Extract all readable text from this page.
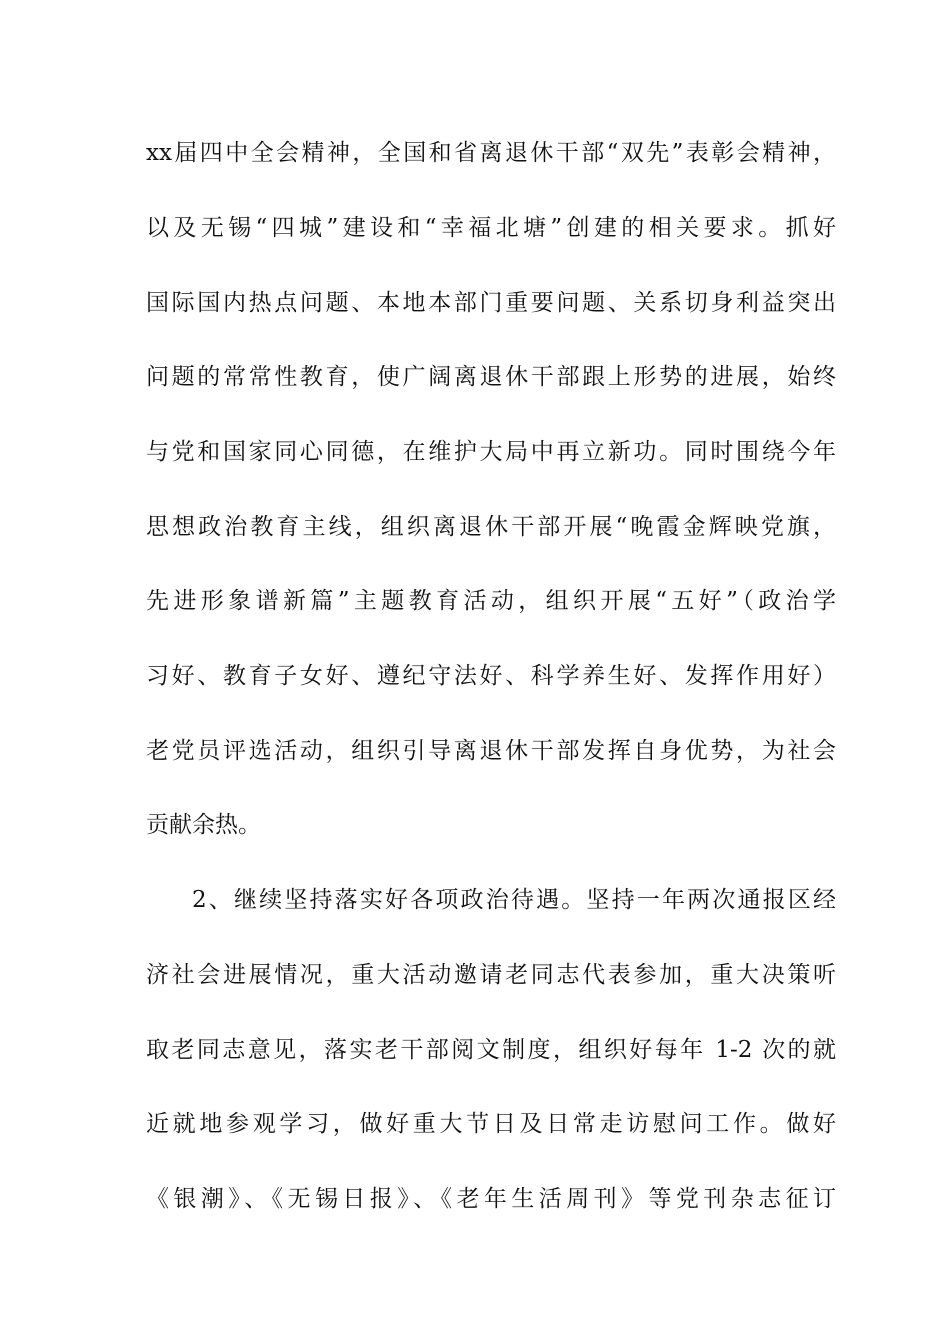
xx届四中全会精神，全国和省离退休干部“双先”表彰会精神，
以及无锡“四城”建设和“幸福北塘”创建的相关要求。抓好
国际国内热点问题、本地本部门重要问题、关系切身利益突出
问题的常常性教育，使广阔离退休干部跟上形势的进展，始终
与党和国家同心同德，在维护大局中再立新功。同时围绕今年
思想政治教育主线，组织离退休干部开展“晚霞金辉映党旗，
先进形象谱新篇”主题教育活动，组织开展“五好”（政治学
习好、教育子女好、遵纪守法好、科学养生好、发挥作用好）
老党员评选活动，组织引导离退休干部发挥自身优势，为社会
贡献余热。
2、继续坚持落实好各项政治待遇。坚持一年两次通报区经
济社会进展情况，重大活动邀请老同志代表参加，重大决策听
取老同志意见，落实老干部阅文制度，组织好每年 1-2 次的就
近就地参观学习，做好重大节日及日常走访慰问工作。做好
《银潮》、《无锡日报》、《老年生活周刊》等党刊杂志征订
